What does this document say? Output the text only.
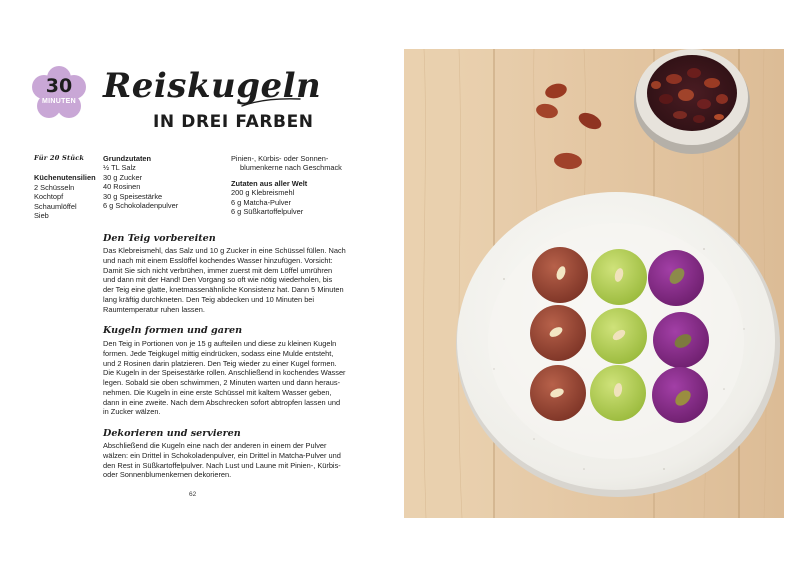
30
MINUTEN Reiskugeln
IN DREI FARBEN
Für 20 Stück
Küchenutensilien
2 Schüsseln
Kochtopf
Schaumlöffel
Sieb
Grundzutaten
½ TL Salz
30 g Zucker
40 Rosinen
30 g Speisestärke
6 g Schokoladenpulver
Pinien-, Kürbis- oder Sonnen-
blumenkerne nach Geschmack
Zutaten aus aller Welt
200 g Klebreismehl
6 g Matcha-Pulver
6 g Süßkartoffelpulver
Den Teig vorbereiten
Das Klebreismehl, das Salz und 10 g Zucker in eine Schüssel füllen. Nach
und nach mit einem Esslöffel kochendes Wasser hinzufügen. Vorsicht:
Damit Sie sich nicht verbrühen, immer zuerst mit dem Löffel umrühren
und dann mit der Hand! Den Vorgang so oft wie nötig wiederholen, bis
der Teig eine glatte, knetmassenähnliche Konsistenz hat. Dann 5 Minuten
lang kräftig durchkneten. Den Teig abdecken und 10 Minuten bei
Raumtemperatur ruhen lassen.
Kugeln formen und garen
Den Teig in Portionen von je 15 g aufteilen und diese zu kleinen Kugeln
formen. Jede Teigkugel mittig eindrücken, sodass eine Mulde entsteht,
und 2 Rosinen darin platzieren. Den Teig wieder zu einer Kugel formen.
Die Kugeln in der Speisestärke rollen. Anschließend in kochendes Wasser
legen. Sobald sie oben schwimmen, 2 Minuten warten und dann heraus-
nehmen. Die Kugeln in eine erste Schüssel mit kaltem Wasser geben,
dann in eine zweite. Nach dem Abschrecken sofort abtropfen lassen und
in Zucker wälzen.
Dekorieren und servieren
Abschließend die Kugeln eine nach der anderen in einem der Pulver
wälzen: ein Drittel in Schokoladenpulver, ein Drittel in Matcha-Pulver und
den Rest in Süßkartoffelpulver. Nach Lust und Laune mit Pinien-, Kürbis-
oder Sonnenblumenkernen dekorieren.
62
